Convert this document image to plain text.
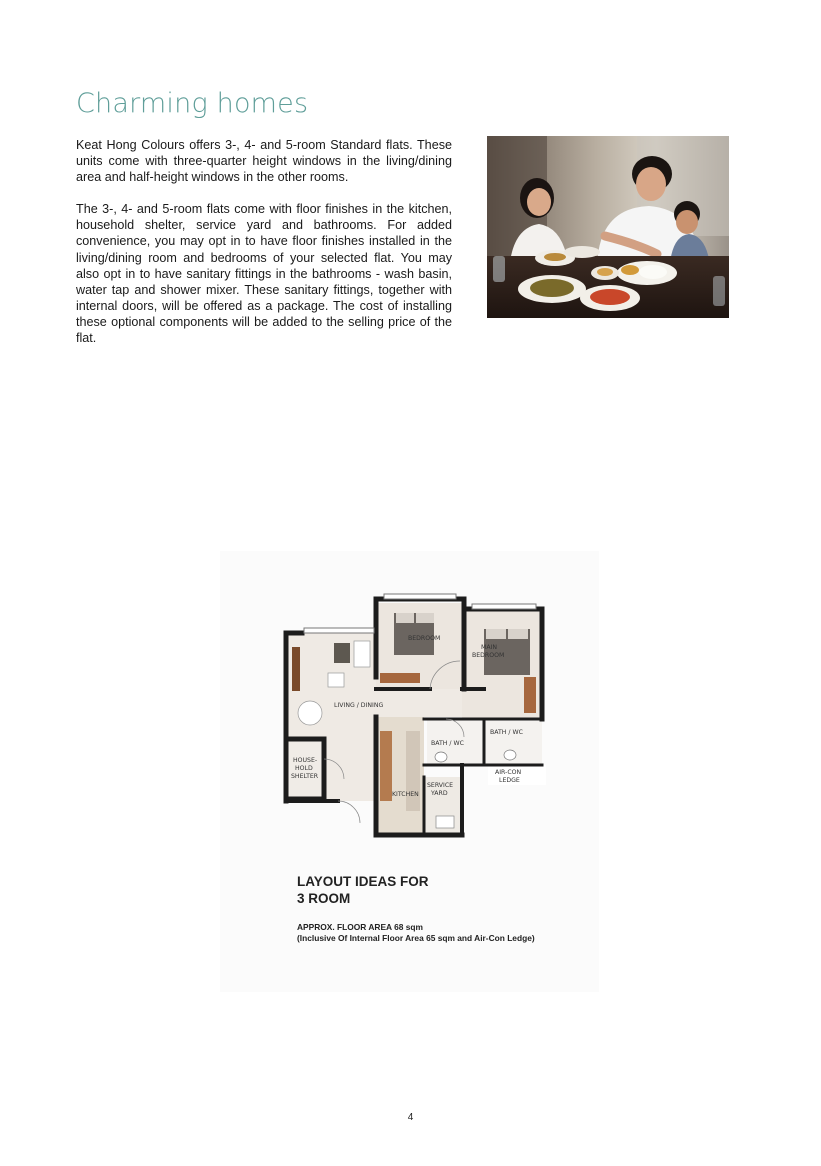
Charming homes

Keat Hong Colours offers 3-, 4- and 5-room Standard flats. These units come with three-quarter height windows in the living/dining area and half-height windows in the other rooms.

The 3-, 4- and 5-room flats come with floor finishes in the kitchen, household shelter, service yard and bathrooms. For added convenience, you may opt in to have floor finishes installed in the living/dining room and bedrooms of your selected flat. You may also opt in to have sanitary fittings in the bathrooms - wash basin, water tap and shower mixer. These sanitary fittings, together with internal doors, will be offered as a package. The cost of installing these optional components will be added to the selling price of the flat.

BEDROOM
MAIN
BEDROOM
LIVING / DINING
BATH / WC
BATH / WC
HOUSE-
HOLD
SHELTER
AIR-CON
LEDGE
KITCHEN
SERVICE
YARD
LAYOUT IDEAS FOR
3 ROOM

APPROX. FLOOR AREA 68 sqm
(Inclusive Of Internal Floor Area 65 sqm and Air-Con Ledge)

4
